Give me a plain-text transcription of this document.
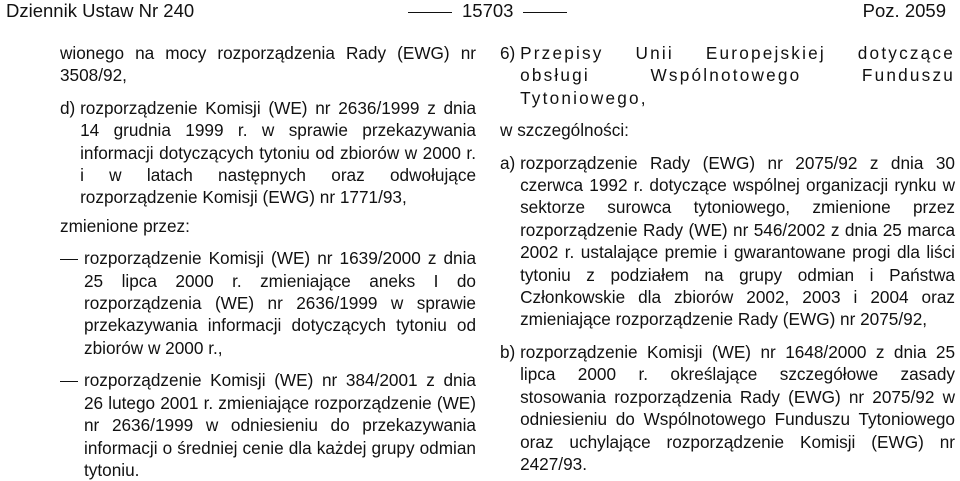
Dziennik Ustaw Nr 240	15703	Poz. 2059

wionego na mocy rozporządzenia Rady (EWG) nr 3508/92,

d) rozporządzenie Komisji (WE) nr 2636/1999 z dnia 14 grudnia 1999 r. w sprawie przekazywania informacji dotyczących tytoniu od zbiorów w 2000 r. i w latach następnych oraz odwołujące rozporządzenie Komisji (EWG) nr 1771/93,

zmienione przez:

rozporządzenie Komisji (WE) nr 1639/2000 z dnia 25 lipca 2000 r. zmieniające aneks I do rozporządzenia (WE) nr 2636/1999 w sprawie przekazywania informacji dotyczących tytoniu od zbiorów w 2000 r.,
rozporządzenie Komisji (WE) nr 384/2001 z dnia 26 lutego 2001 r. zmieniające rozporządzenie (WE) nr 2636/1999 w odniesieniu do przekazywania informacji o średniej cenie dla każdej grupy odmian tytoniu.
6) Przepisy Unii Europejskiej dotyczące obsługi Wspólnotowego Funduszu Tytoniowego,

w szczególności:

a) rozporządzenie Rady (EWG) nr 2075/92 z dnia 30 czerwca 1992 r. dotyczące wspólnej organizacji rynku w sektorze surowca tytoniowego, zmienione przez rozporządzenie Rady (WE) nr 546/2002 z dnia 25 marca 2002 r. ustalające premie i gwarantowane progi dla liści tytoniu z podziałem na grupy odmian i Państwa Członkowskie dla zbiorów 2002, 2003 i 2004 oraz zmieniające rozporządzenie Rady (EWG) nr 2075/92,
b) rozporządzenie Komisji (WE) nr 1648/2000 z dnia 25 lipca 2000 r. określające szczegółowe zasady stosowania rozporządzenia Rady (EWG) nr 2075/92 w odniesieniu do Wspólnotowego Funduszu Tytoniowego oraz uchylające rozporządzenie Komisji (EWG) nr 2427/93.
